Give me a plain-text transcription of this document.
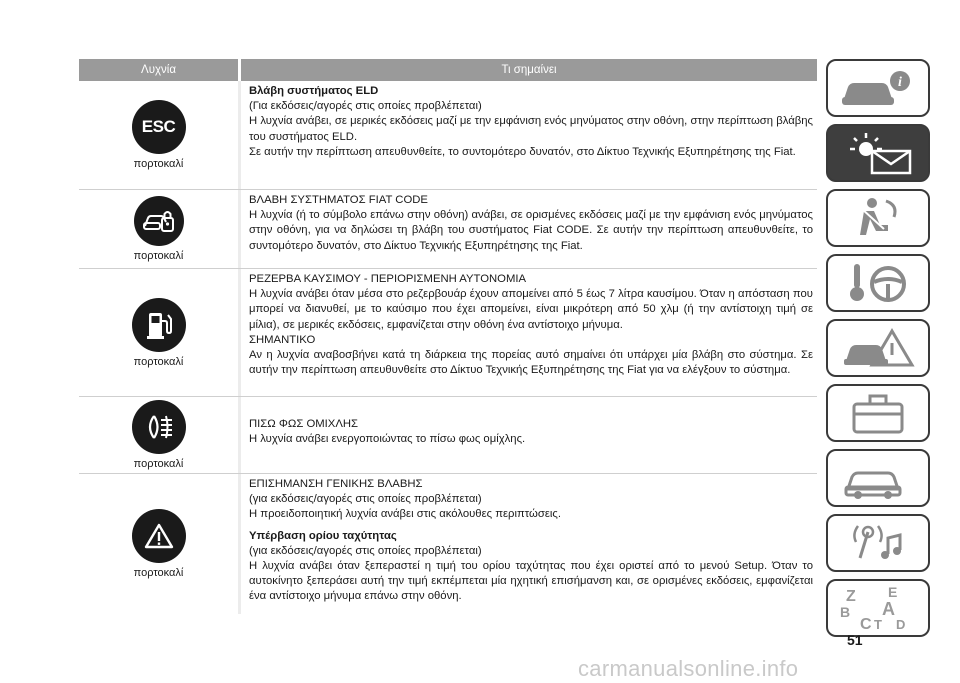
Λυχνία	Τι σημαίνει
ESC
πορτοκαλί

Βλάβη συστήματος ELD

(Για εκδόσεις/αγορές στις οποίες προβλέπεται)

Η λυχνία ανάβει, σε μερικές εκδόσεις μαζί με την εμφάνιση ενός μηνύματος στην οθόνη, στην περίπτωση βλάβης του συστήματος ELD.

Σε αυτήν την περίπτωση απευθυνθείτε, το συντομότερο δυνατόν, στο Δίκτυο Τεχνικής Εξυπηρέτησης της Fiat.

πορτοκαλί

ΒΛΑΒΗ ΣΥΣΤΗΜΑΤΟΣ FIAT CODE

Η λυχνία (ή το σύμβολο επάνω στην οθόνη) ανάβει, σε ορισμένες εκδόσεις μαζί με την εμφάνιση ενός μηνύματος στην οθόνη, για να δηλώσει τη βλάβη του συστήματος Fiat CODE. Σε αυτήν την περίπτωση απευθυνθείτε, το συντομότερο δυνατόν, στο Δίκτυο Τεχνικής Εξυπηρέτησης της Fiat.

πορτοκαλί

ΡΕΖΕΡΒΑ ΚΑΥΣΙΜΟΥ - ΠΕΡΙΟΡΙΣΜΕΝΗ ΑΥΤΟΝΟΜΙΑ

Η λυχνία ανάβει όταν μέσα στο ρεζερβουάρ έχουν απομείνει από 5 έως 7 λίτρα καυσίμου. Όταν η απόσταση που μπορεί να διανυθεί, με το καύσιμο που έχει απομείνει, είναι μικρότερη από 50 χλμ (ή την αντίστοιχη τιμή σε μίλια), σε μερικές εκδόσεις, εμφανίζεται στην οθόνη ένα αντίστοιχο μήνυμα.

ΣΗΜΑΝΤΙΚΟ

Αν η λυχνία αναβοσβήνει κατά τη διάρκεια της πορείας αυτό σημαίνει ότι υπάρχει μία βλάβη στο σύστημα. Σε αυτήν την περίπτωση απευθυνθείτε στο Δίκτυο Τεχνικής Εξυπηρέτησης της Fiat για να ελέγξουν το σύστημα.

πορτοκαλί

ΠΙΣΩ ΦΩΣ ΟΜΙΧΛΗΣ

Η λυχνία ανάβει ενεργοποιώντας το πίσω φως ομίχλης.

πορτοκαλί

ΕΠΙΣΗΜΑΝΣΗ ΓΕΝΙΚΗΣ ΒΛΑΒΗΣ

(για εκδόσεις/αγορές στις οποίες προβλέπεται)

Η προειδοποιητική λυχνία ανάβει στις ακόλουθες περιπτώσεις.

Υπέρβαση ορίου ταχύτητας

(για εκδόσεις/αγορές στις οποίες προβλέπεται)

Η λυχνία ανάβει όταν ξεπεραστεί η τιμή του ορίου ταχύτητας που έχει οριστεί από το μενού Setup. Όταν το αυτοκίνητο ξεπεράσει αυτή την τιμή εκπέμπεται μία ηχητική επισήμανση και, σε ορισμένες εκδόσεις, εμφανίζεται ένα αντίστοιχο μήνυμα επάνω στην οθόνη.

i
Z E
B A
C T D
51
carmanualsonline.info
